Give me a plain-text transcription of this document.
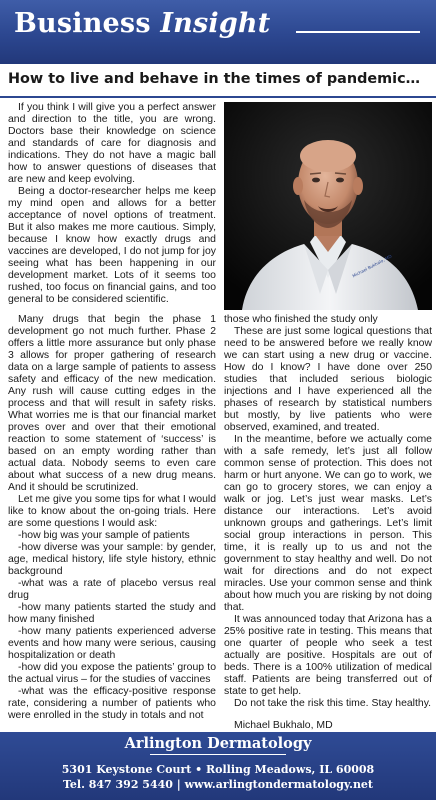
Business Insight
How to live and behave in the times of pandemic…

If you think I will give you a perfect answer and direction to the title, you are wrong. Doctors base their knowledge on science and standards of care for diagnosis and indications. They do not have a magic ball how to answer questions of diseases that are new and keep evolving.

Being a doctor-researcher helps me keep my mind open and allows for a better acceptance of novel options of treatment. But it also makes me more cautious. Simply, because I know how exactly drugs and vaccines are developed, I do not jump for joy seeing what has been happening in our development market. Lots of it seems too rushed, too focus on financial gains, and too general to be considered scientific.

Michael Bukhalo, MD

Many drugs that begin the phase 1 development go not much further. Phase 2 offers a little more assurance but only phase 3 allows for proper gathering of research data on a large sample of patients to assess safety and efficacy of the new medication. Any rush will cause cutting edges in the process and that will result in safety risks. What worries me is that our financial market proves over and over that their emotional reaction to some statement of ‘success’ is based on an empty wording rather than actual data. Nobody seems to even care about what success of a new drug means. And it should be scrutinized.

Let me give you some tips for what I would like to know about the on-going trials. Here are some questions I would ask:

-how big was your sample of patients

-how diverse was your sample: by gender, age, medical history, life style history, ethnic background

-what was a rate of placebo versus real drug

-how many patients started the study and how many finished

-how many patients experienced adverse events and how many were serious, causing hospitalization or death

-how did you expose the patients’ group to the actual virus – for the studies of vaccines

-what was the efficacy-positive response rate, considering a number of patients who were enrolled in the study in totals and not

those who finished the study only

These are just some logical questions that need to be answered before we really know we can start using a new drug or vaccine. How do I know? I have done over 250 studies that included serious biologic injections and I have experienced all the phases of research by statistical numbers but mostly, by live patients who were observed, examined, and treated.

In the meantime, before we actually come with a safe remedy, let’s just all follow common sense of protection. This does not harm or hurt anyone. We can go to work, we can go to grocery stores, we can enjoy a walk or jog. Let’s just wear masks. Let’s distance our interactions. Let’s avoid unknown groups and gatherings. Let’s limit social group interactions in person. This time, it is really up to us and not the government to stay healthy and well. Do not wait for directions and do not expect miracles. Use your common sense and think about how much you are risking by not doing that.

It was announced today that Arizona has a 25% positive rate in testing. This means that one quarter of people who seek a test actually are positive. Hospitals are out of beds. There is a 100% utilization of medical staff. Patients are being transferred out of state to get help.

Do not take the risk this time. Stay healthy.

Michael Bukhalo, MD

Arlington Dermatology
5301 Keystone Court • Rolling Meadows, IL 60008
Tel. 847 392 5440 | www.arlingtondermatology.net
